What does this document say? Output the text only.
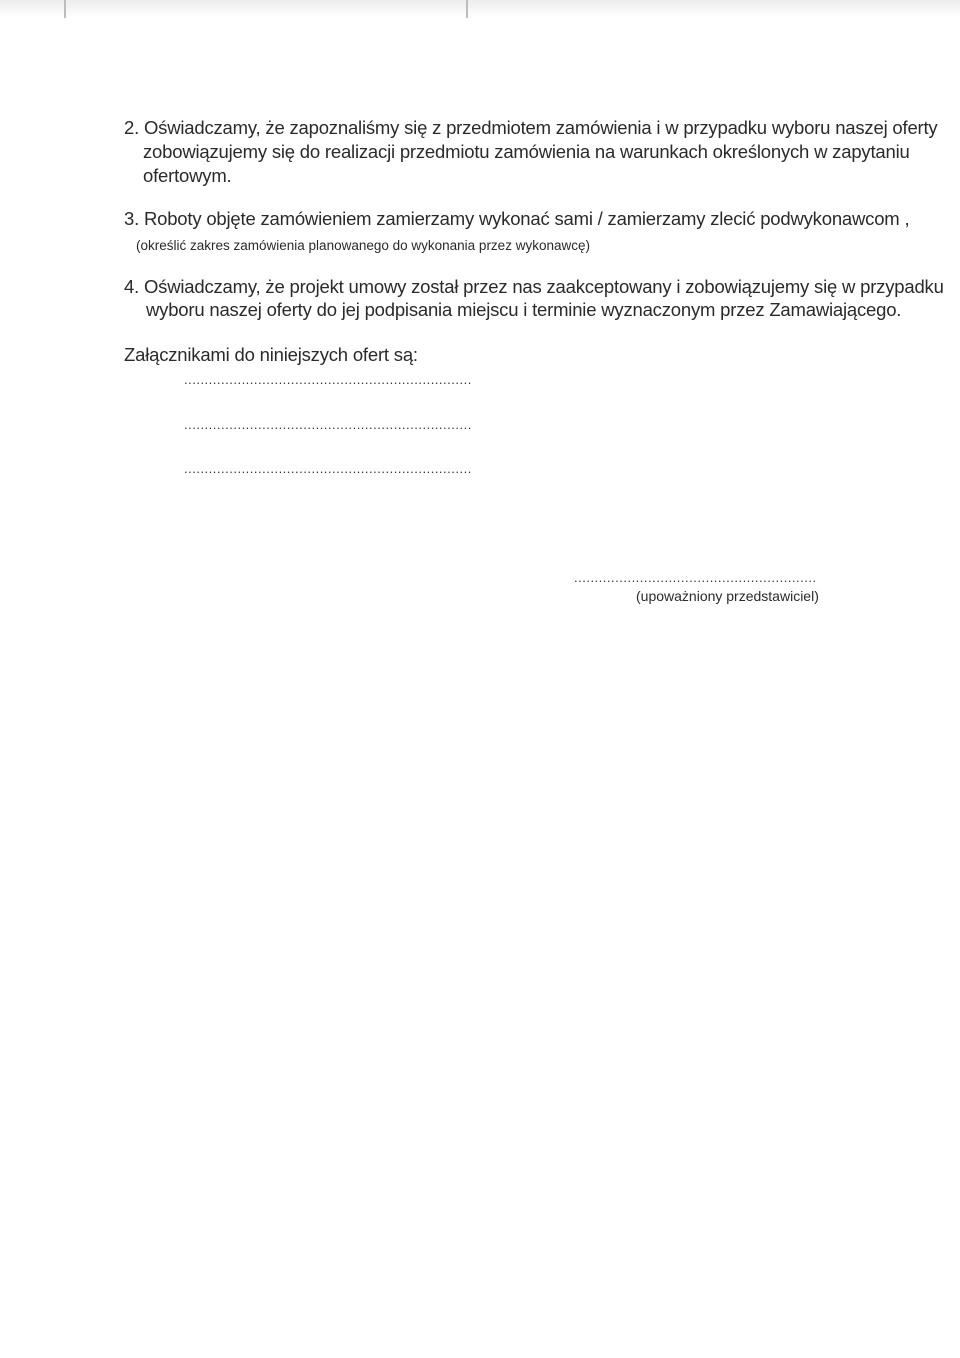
2. Oświadczamy, że zapoznaliśmy się z przedmiotem zamówienia i w przypadku wyboru naszej oferty

zobowiązujemy się do realizacji przedmiotu zamówienia na warunkach określonych w zapytaniu

ofertowym.

3. Roboty objęte zamówieniem zamierzamy wykonać sami / zamierzamy zlecić podwykonawcom ,

(określić zakres zamówienia planowanego do wykonania przez wykonawcę)

4. Oświadczamy, że projekt umowy został przez nas zaakceptowany i zobowiązujemy się w przypadku

wyboru naszej oferty do jej podpisania miejscu i terminie wyznaczonym przez Zamawiającego.

Załącznikami do niniejszych ofert są:

......................................................................
......................................................................
......................................................................
...........................................................

(upoważniony przedstawiciel)
